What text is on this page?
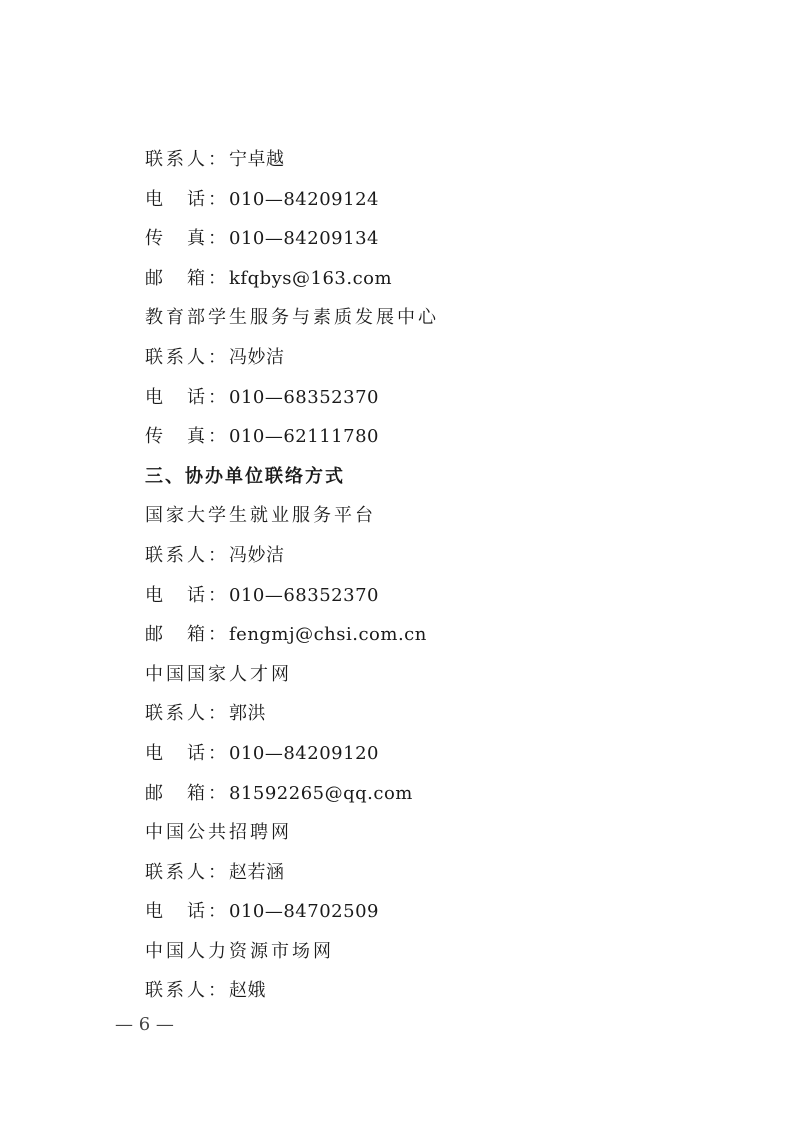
联系人：宁卓越
电　话：010—84209124
传　真：010—84209134
邮　箱：kfqbys@163.com
教育部学生服务与素质发展中心
联系人：冯妙洁
电　话：010—68352370
传　真：010—62111780
三、协办单位联络方式
国家大学生就业服务平台
联系人：冯妙洁
电　话：010—68352370
邮　箱：fengmj@chsi.com.cn
中国国家人才网
联系人：郭洪
电　话：010—84209120
邮　箱：81592265@qq.com
中国公共招聘网
联系人：赵若涵
电　话：010—84702509
中国人力资源市场网
联系人：赵娥
— 6 —
